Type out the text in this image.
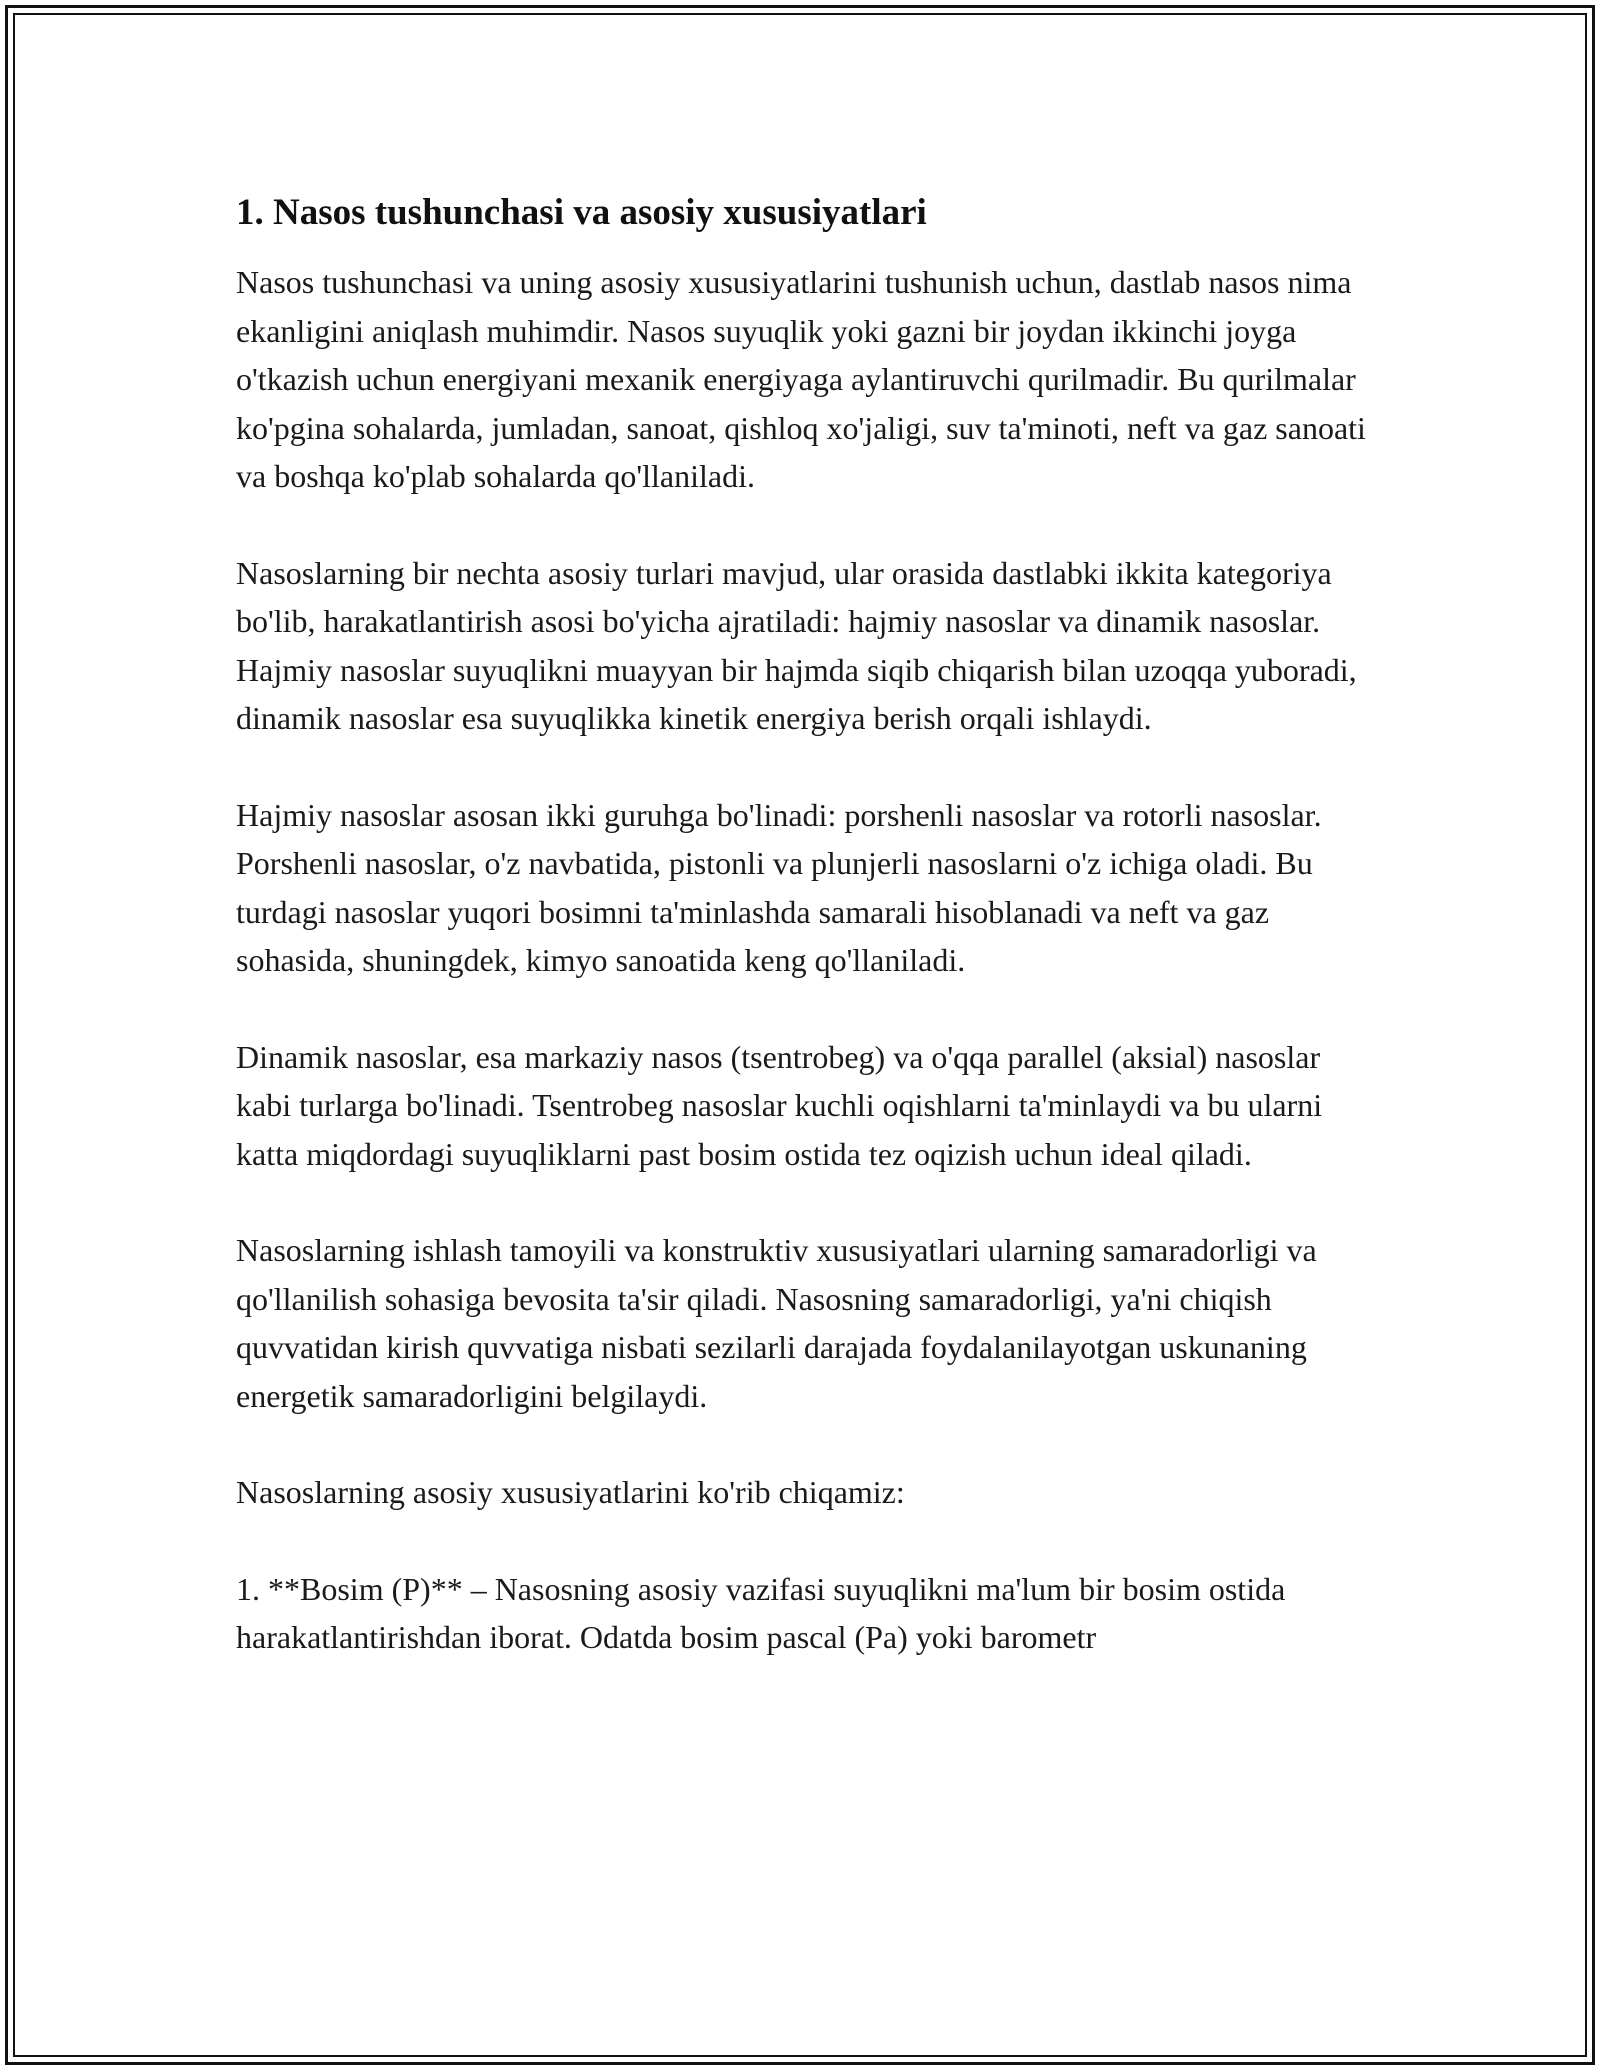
1. Nasos tushunchasi va asosiy xususiyatlari

Nasos tushunchasi va uning asosiy xususiyatlarini tushunish uchun, dastlab nasos nima ekanligini aniqlash muhimdir. Nasos suyuqlik yoki gazni bir joydan ikkinchi joyga o'tkazish uchun energiyani mexanik energiyaga aylantiruvchi qurilmadir. Bu qurilmalar ko'pgina sohalarda, jumladan, sanoat, qishloq xo'jaligi, suv ta'minoti, neft va gaz sanoati va boshqa ko'plab sohalarda qo'llaniladi.

Nasoslarning bir nechta asosiy turlari mavjud, ular orasida dastlabki ikkita kategoriya bo'lib, harakatlantirish asosi bo'yicha ajratiladi: hajmiy nasoslar va dinamik nasoslar. Hajmiy nasoslar suyuqlikni muayyan bir hajmda siqib chiqarish bilan uzoqqa yuboradi, dinamik nasoslar esa suyuqlikka kinetik energiya berish orqali ishlaydi.

Hajmiy nasoslar asosan ikki guruhga bo'linadi: porshenli nasoslar va rotorli nasoslar. Porshenli nasoslar, o'z navbatida, pistonli va plunjerli nasoslarni o'z ichiga oladi. Bu turdagi nasoslar yuqori bosimni ta'minlashda samarali hisoblanadi va neft va gaz sohasida, shuningdek, kimyo sanoatida keng qo'llaniladi.

Dinamik nasoslar, esa markaziy nasos (tsentrobeg) va o'qqa parallel (aksial) nasoslar kabi turlarga bo'linadi. Tsentrobeg nasoslar kuchli oqishlarni ta'minlaydi va bu ularni katta miqdordagi suyuqliklarni past bosim ostida tez oqizish uchun ideal qiladi.

Nasoslarning ishlash tamoyili va konstruktiv xususiyatlari ularning samaradorligi va qo'llanilish sohasiga bevosita ta'sir qiladi. Nasosning samaradorligi, ya'ni chiqish quvvatidan kirish quvvatiga nisbati sezilarli darajada foydalanilayotgan uskunaning energetik samaradorligini belgilaydi.

Nasoslarning asosiy xususiyatlarini ko'rib chiqamiz:

1. **Bosim (P)** – Nasosning asosiy vazifasi suyuqlikni ma'lum bir bosim ostida harakatlantirishdan iborat. Odatda bosim pascal (Pa) yoki barometr
